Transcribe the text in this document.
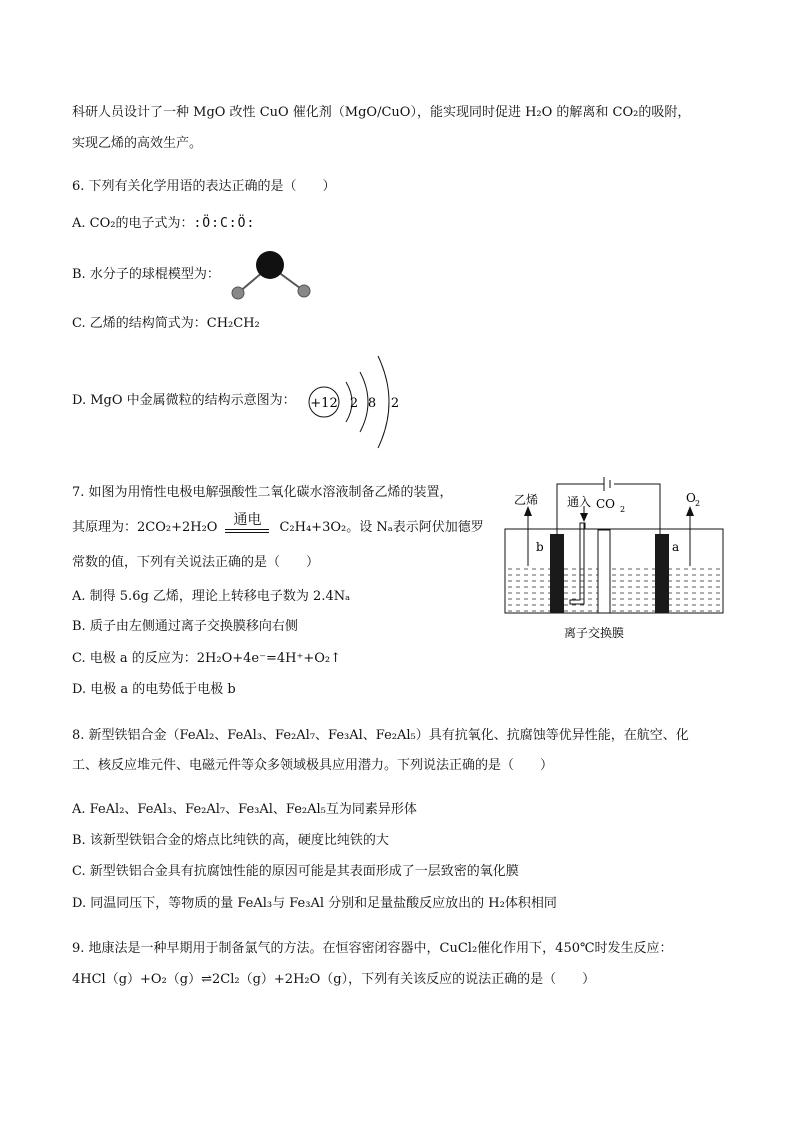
科研人员设计了一种 MgO 改性 CuO 催化剂（MgO/CuO），能实现同时促进 H₂O 的解离和 CO₂的吸附，
实现乙烯的高效生产。
6. 下列有关化学用语的表达正确的是（　　）
A. CO₂的电子式为：:Ö:C:Ö:
B. 水分子的球棍模型为：
C. 乙烯的结构简式为：CH₂CH₂
D. MgO 中金属微粒的结构示意图为： +12 2 8 2
7. 如图为用惰性电极电解强酸性二氧化碳水溶液制备乙烯的装置，
其原理为：2CO₂+2H₂O 通电 C₂H₄+3O₂。设 Nₐ表示阿伏加德罗
常数的值，下列有关说法正确的是（　　）
A. 制得 5.6g 乙烯，理论上转移电子数为 2.4Nₐ
B. 质子由左侧通过离子交换膜移向右侧
C. 电极 a 的反应为：2H₂O+4e⁻=4H⁺+O₂↑
D. 电极 a 的电势低于电极 b
乙烯 通入 CO 2
O 2
b	a
离子交换膜
8. 新型铁铝合金（FeAl₂、FeAl₃、Fe₂Al₇、Fe₃Al、Fe₂Al₅）具有抗氧化、抗腐蚀等优异性能，在航空、化
工、核反应堆元件、电磁元件等众多领域极具应用潜力。下列说法正确的是（　　）
A. FeAl₂、FeAl₃、Fe₂Al₇、Fe₃Al、Fe₂Al₅互为同素异形体
B. 该新型铁铝合金的熔点比纯铁的高，硬度比纯铁的大
C. 新型铁铝合金具有抗腐蚀性能的原因可能是其表面形成了一层致密的氧化膜
D. 同温同压下，等物质的量 FeAl₃与 Fe₃Al 分别和足量盐酸反应放出的 H₂体积相同
9. 地康法是一种早期用于制备氯气的方法。在恒容密闭容器中，CuCl₂催化作用下，450℃时发生反应：
4HCl（g）+O₂（g）⇌2Cl₂（g）+2H₂O（g），下列有关该反应的说法正确的是（　　）
